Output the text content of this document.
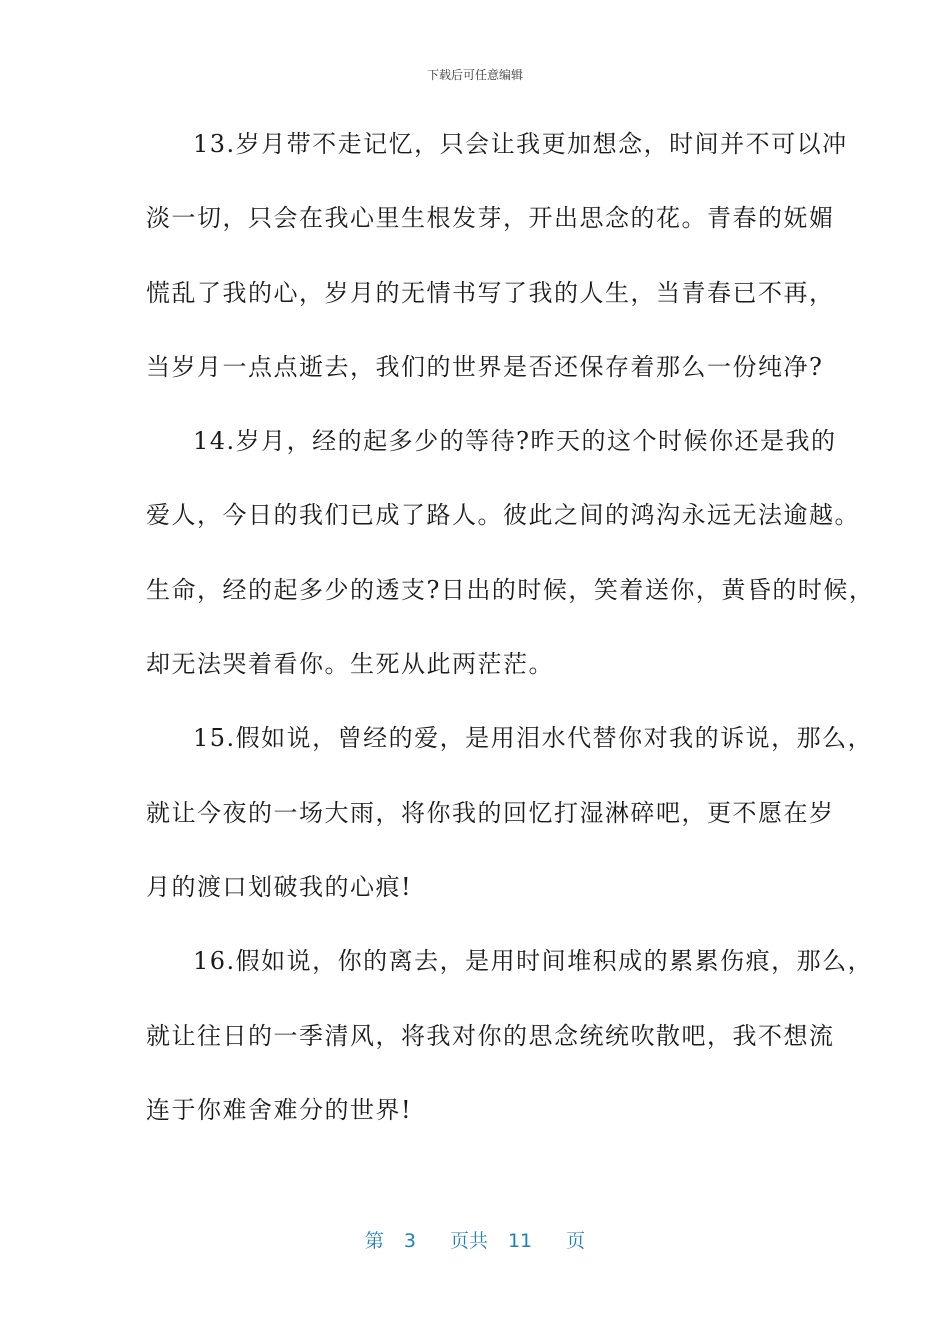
下载后可任意编辑
13.岁月带不走记忆，只会让我更加想念，时间并不可以冲
淡一切，只会在我心里生根发芽，开出思念的花。青春的妩媚
慌乱了我的心，岁月的无情书写了我的人生，当青春已不再，
当岁月一点点逝去，我们的世界是否还保存着那么一份纯净?
14.岁月，经的起多少的等待?昨天的这个时候你还是我的
爱人，今日的我们已成了路人。彼此之间的鸿沟永远无法逾越。
生命，经的起多少的透支?日出的时候，笑着送你，黄昏的时候，
却无法哭着看你。生死从此两茫茫。
15.假如说，曾经的爱，是用泪水代替你对我的诉说，那么，
就让今夜的一场大雨，将你我的回忆打湿淋碎吧，更不愿在岁
月的渡口划破我的心痕!
16.假如说，你的离去，是用时间堆积成的累累伤痕，那么，
就让往日的一季清风，将我对你的思念统统吹散吧，我不想流
连于你难舍难分的世界!
第 3 页共 11 页
